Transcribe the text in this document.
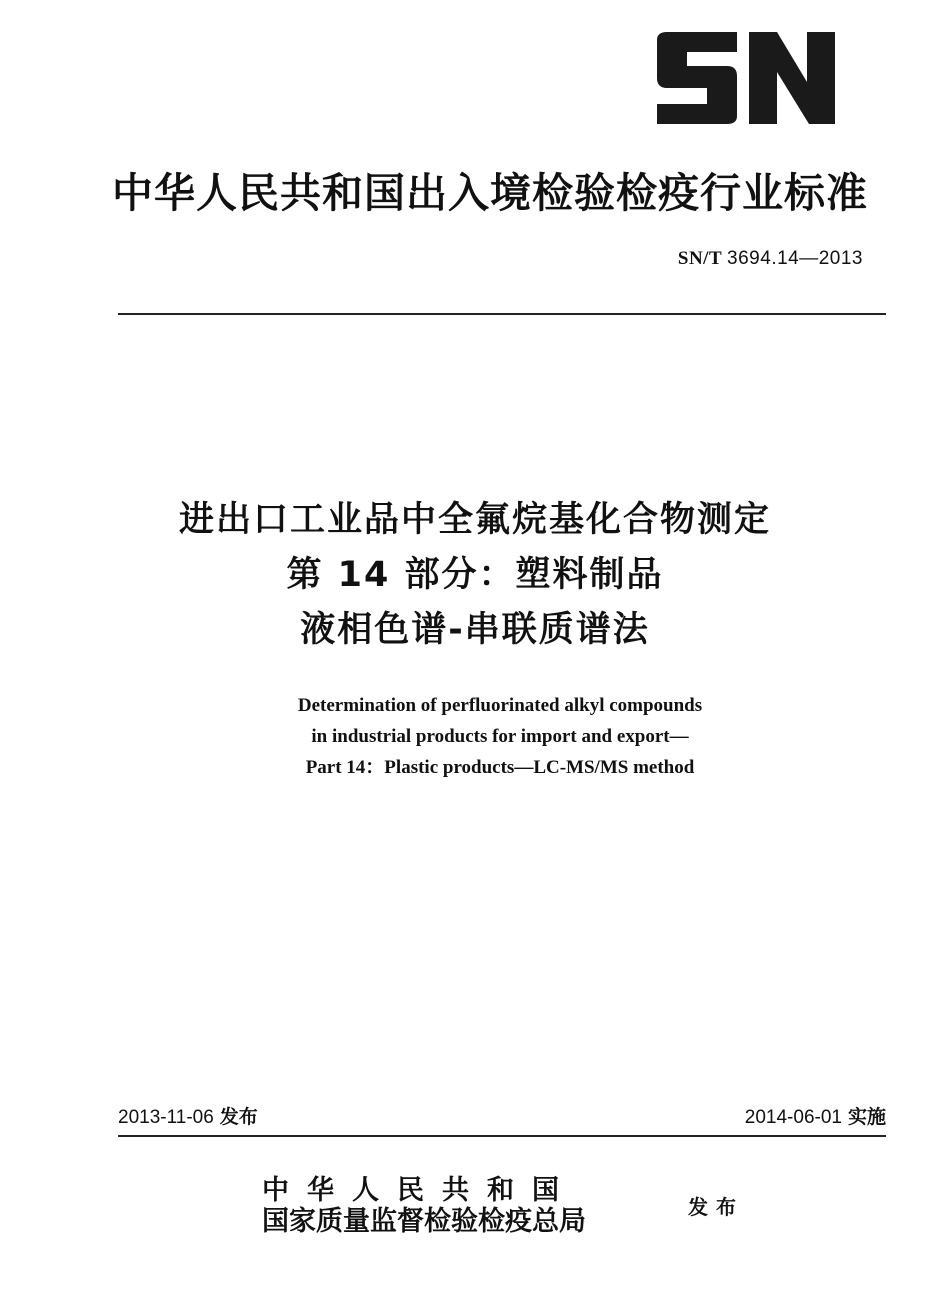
中华人民共和国出入境检验检疫行业标准
SN/T 3694.14—2013
进出口工业品中全氟烷基化合物测定
第 14 部分：塑料制品
液相色谱-串联质谱法
Determination of perfluorinated alkyl compounds
in industrial products for import and export—
Part 14：Plastic products—LC-MS/MS method
2013-11-06 发布	2014-06-01 实施
中华人民共和国
国家质量监督检验检疫总局	发布
